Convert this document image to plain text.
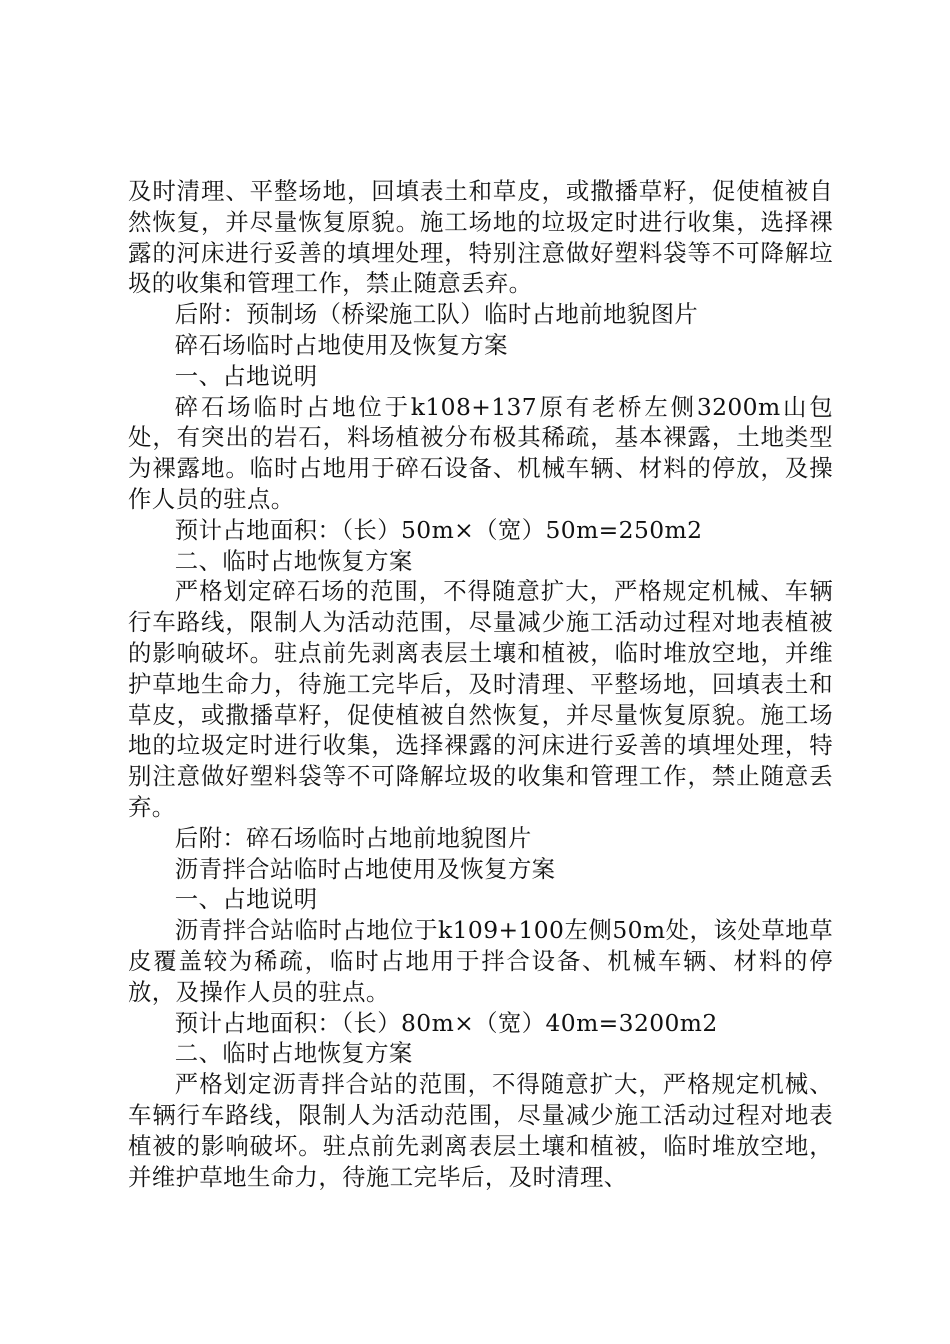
及时清理、平整场地，回填表土和草皮，或撒播草籽，促使植被自然恢复，并尽量恢复原貌。施工场地的垃圾定时进行收集，选择裸露的河床进行妥善的填埋处理，特别注意做好塑料袋等不可降解垃圾的收集和管理工作，禁止随意丢弃。

后附：预制场（桥梁施工队）临时占地前地貌图片

碎石场临时占地使用及恢复方案

一、占地说明

碎石场临时占地位于k108+137原有老桥左侧3200m山包处，有突出的岩石，料场植被分布极其稀疏，基本裸露，土地类型为裸露地。临时占地用于碎石设备、机械车辆、材料的停放，及操作人员的驻点。

预计占地面积：（长）50m×（宽）50m=250m2

二、临时占地恢复方案

严格划定碎石场的范围，不得随意扩大，严格规定机械、车辆行车路线，限制人为活动范围，尽量减少施工活动过程对地表植被的影响破坏。驻点前先剥离表层土壤和植被，临时堆放空地，并维护草地生命力，待施工完毕后，及时清理、平整场地，回填表土和草皮，或撒播草籽，促使植被自然恢复，并尽量恢复原貌。施工场地的垃圾定时进行收集，选择裸露的河床进行妥善的填埋处理，特别注意做好塑料袋等不可降解垃圾的收集和管理工作，禁止随意丢弃。

后附：碎石场临时占地前地貌图片

沥青拌合站临时占地使用及恢复方案

一、占地说明

沥青拌合站临时占地位于k109+100左侧50m处，该处草地草皮覆盖较为稀疏，临时占地用于拌合设备、机械车辆、材料的停放，及操作人员的驻点。

预计占地面积：（长）80m×（宽）40m=3200m2

二、临时占地恢复方案

严格划定沥青拌合站的范围，不得随意扩大，严格规定机械、车辆行车路线，限制人为活动范围，尽量减少施工活动过程对地表植被的影响破坏。驻点前先剥离表层土壤和植被，临时堆放空地，并维护草地生命力，待施工完毕后，及时清理、
